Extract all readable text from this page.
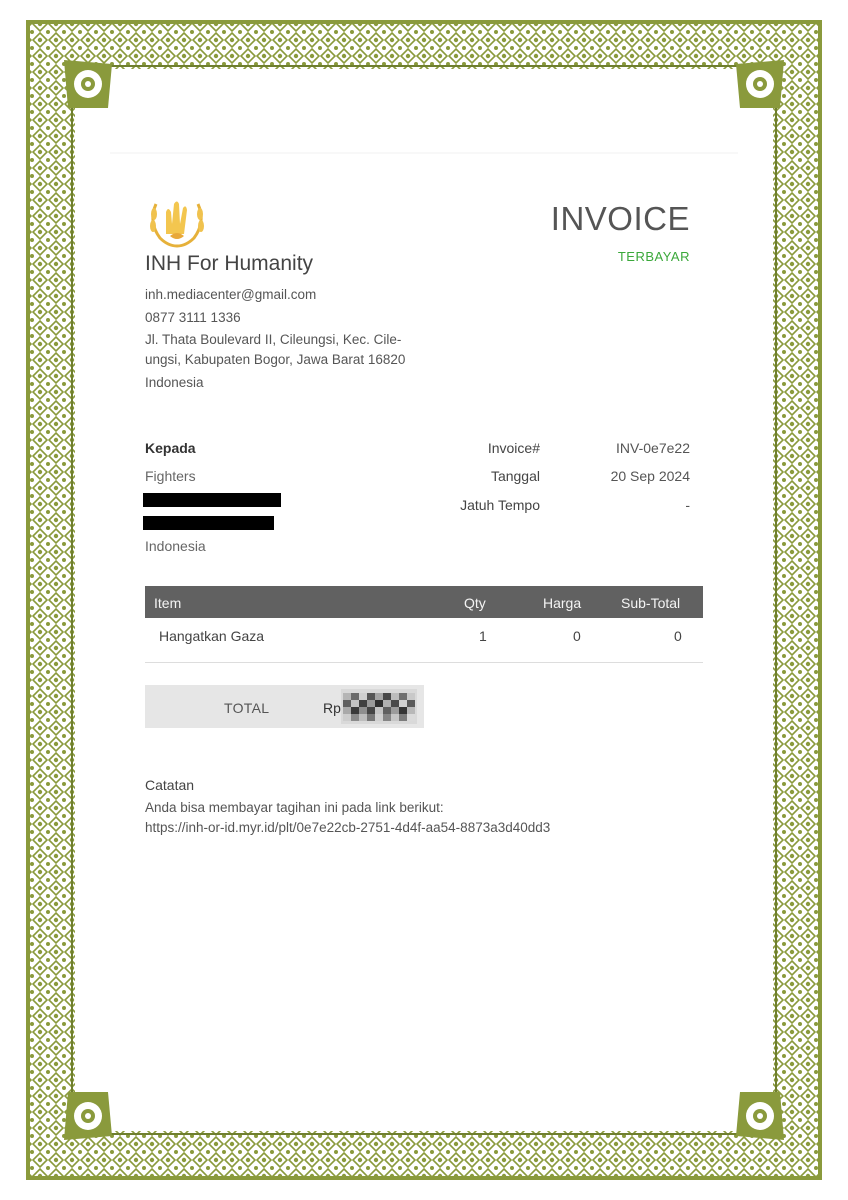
INH For Humanity
inh.mediacenter@gmail.com
0877 3111 1336
Jl. Thata Boulevard II, Cileungsi, Kec. Cile-
ungsi, Kabupaten Bogor, Jawa Barat 16820
Indonesia
INVOICE
TERBAYAR
Kepada
Fighters
Indonesia
Invoice#	INV-0e7e22
Tanggal	20 Sep 2024
Jatuh Tempo	-
Item	Qty	Harga	Sub-Total
Hangatkan Gaza	1	0	0
TOTAL	Rp
Catatan
Anda bisa membayar tagihan ini pada link berikut:
https://inh-or-id.myr.id/plt/0e7e22cb-2751-4d4f-aa54-8873a3d40dd3
